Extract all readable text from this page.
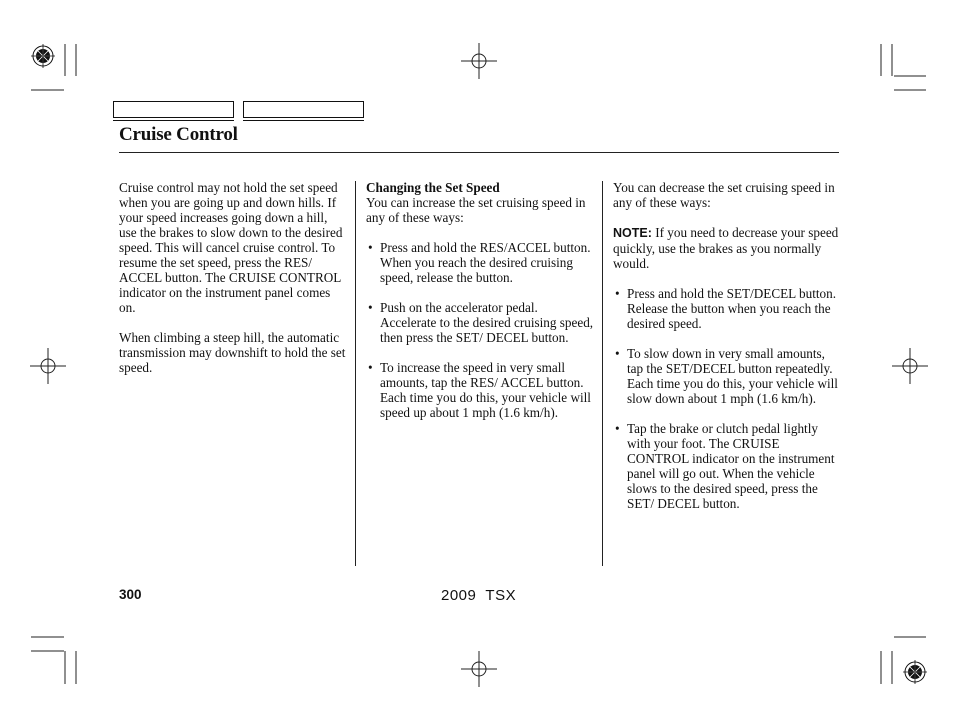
Cruise Control

Cruise control may not hold the set speed when you are going up and down hills. If your speed increases going down a hill, use the brakes to slow down to the desired speed. This will cancel cruise control. To resume the set speed, press the RES/ ACCEL button. The CRUISE CONTROL indicator on the instrument panel comes on.

When climbing a steep hill, the automatic transmission may downshift to hold the set speed.

Changing the Set Speed

You can increase the set cruising speed in any of these ways:

• Press and hold the RES/ACCEL button. When you reach the desired cruising speed, release the button.

• Push on the accelerator pedal. Accelerate to the desired cruising speed, then press the SET/ DECEL button.

• To increase the speed in very small amounts, tap the RES/ ACCEL button. Each time you do this, your vehicle will speed up about 1 mph (1.6 km/h).

You can decrease the set cruising speed in any of these ways:

NOTE: If you need to decrease your speed quickly, use the brakes as you normally would.

• Press and hold the SET/DECEL button. Release the button when you reach the desired speed.

• To slow down in very small amounts, tap the SET/DECEL button repeatedly. Each time you do this, your vehicle will slow down about 1 mph (1.6 km/h).

• Tap the brake or clutch pedal lightly with your foot. The CRUISE CONTROL indicator on the instrument panel will go out. When the vehicle slows to the desired speed, press the SET/ DECEL button.

300	2009  TSX
